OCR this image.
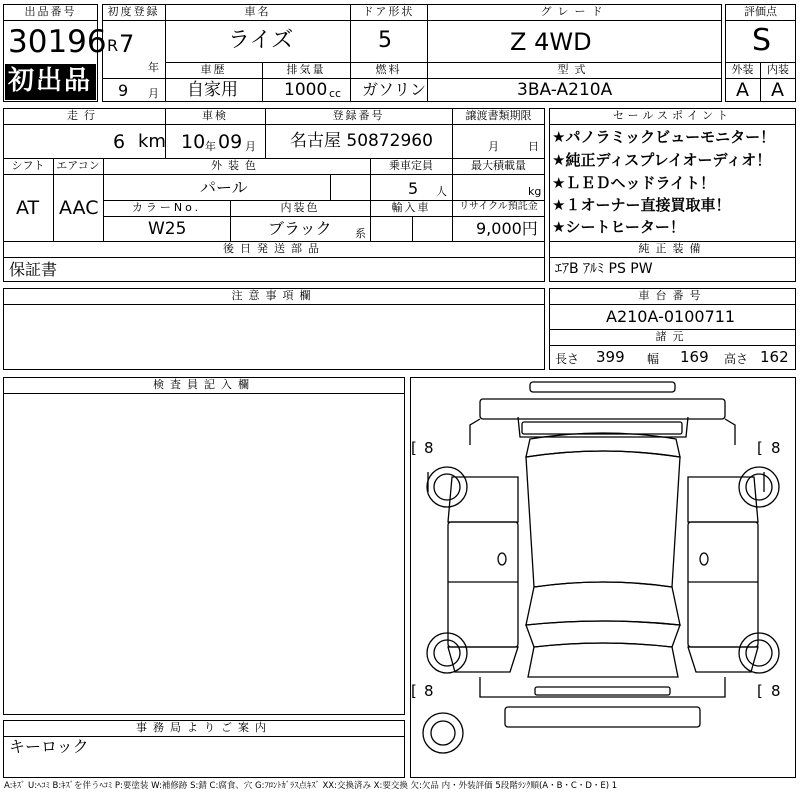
出品番号
30196
初出品
初度登録
R 7
年
9 月
車名
ライズ
ドア形状
5
グレード
Z 4WD
車歴
自家用
排気量
1000 cc
燃料
ガソリン
型式
3BA-A210A
評価点
S
外装	内装
A A
走行
6 km
車検
10 年 09 月
登録番号
名古屋 50872960
譲渡書類期限
月	日
シフト
AT
エアコン
AAC
外装色
パール
乗車定員
5 人
最大積載量
kg
カラーNo.
W25
内装色
ブラック 系
輸入車	リサイクル預託金
9,000円
後日発送部品
保証書
セールスポイント
★パノラミックビューモニター！
★純正ディスプレイオーディオ！
★ＬＥＤヘッドライト！
★１オーナー直接買取車！
★シートヒーター！
純正装備
ｴｱB ｱﾙﾐ PS PW
注意事項欄	車台番号
A210A-0100711
諸元
長さ 399 幅 169 高さ 162
検査員記入欄
事務局よりご案内
キーロック
[ 8	[ 8
[ 8	[ 8
A:ｷｽﾞ U:ﾍｺﾐ B:ｷｽﾞを伴うﾍｺﾐ P:要塗装 W:補修跡 S:錆 C:腐食、穴 G:ﾌﾛﾝﾄｶﾞﾗｽ点ｷｽﾞ XX:交換済み X:要交換 欠:欠品 内・外装評価 5段階ﾗﾝｸ順(A・B・C・D・E) 1
